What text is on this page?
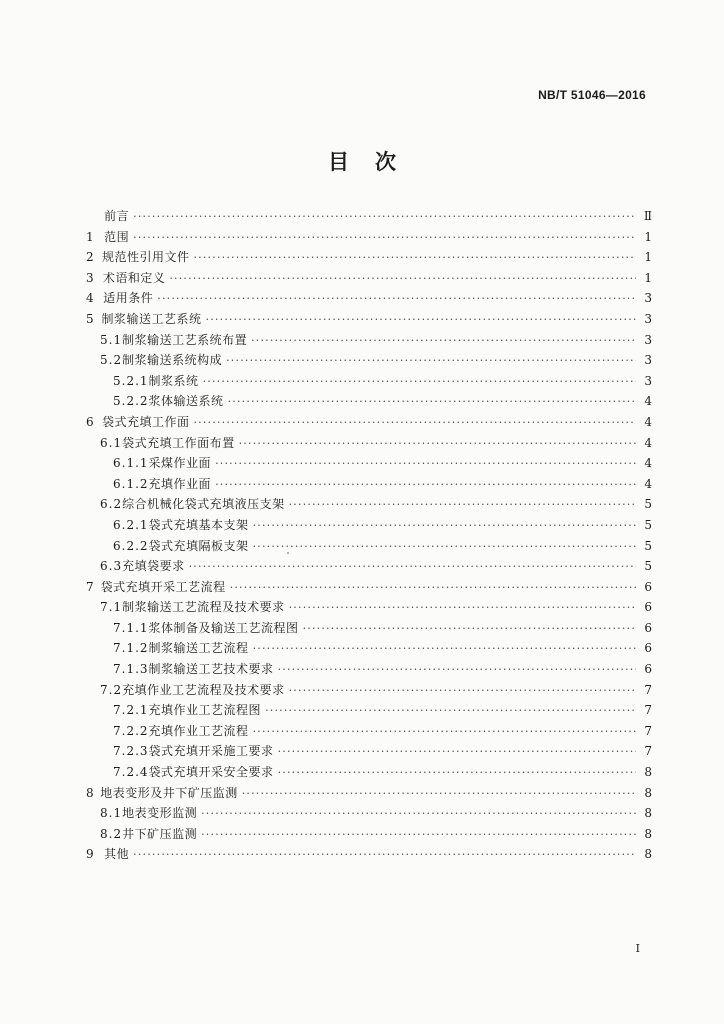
NB/T 51046—2016
目次
前言 ·····	Ⅱ
1 范围 ·····	1
2 规范性引用文件 ·····	1
3 术语和定义 ·····	1
4 适用条件 ·····	3
5 制浆输送工艺系统 ·····	3
5.1 制浆输送工艺系统布置 ·····	3
5.2 制浆输送系统构成 ·····	3
5.2.1 制浆系统 ·····	3
5.2.2 浆体输送系统 ·····	4
6 袋式充填工作面 ·····	4
6.1 袋式充填工作面布置 ·····	4
6.1.1 采煤作业面 ·····	4
6.1.2 充填作业面 ·····	4
6.2 综合机械化袋式充填液压支架 ·····	5
6.2.1 袋式充填基本支架 ·····	5
6.2.2 袋式充填隔板支架 ·····	5
6.3 充填袋要求 ·····	5
7 袋式充填开采工艺流程 ·····	6
7.1 制浆输送工艺流程及技术要求 ·····	6
7.1.1 浆体制备及输送工艺流程图 ·····	6
7.1.2 制浆输送工艺流程 ·····	6
7.1.3 制浆输送工艺技术要求 ·····	6
7.2 充填作业工艺流程及技术要求 ·····	7
7.2.1 充填作业工艺流程图 ·····	7
7.2.2 充填作业工艺流程 ·····	7
7.2.3 袋式充填开采施工要求 ·····	7
7.2.4 袋式充填开采安全要求 ·····	8
8 地表变形及井下矿压监测 ·····	8
8.1 地表变形监测 ·····	8
8.2 井下矿压监测 ·····	8
9 其他 ·····	8
I
